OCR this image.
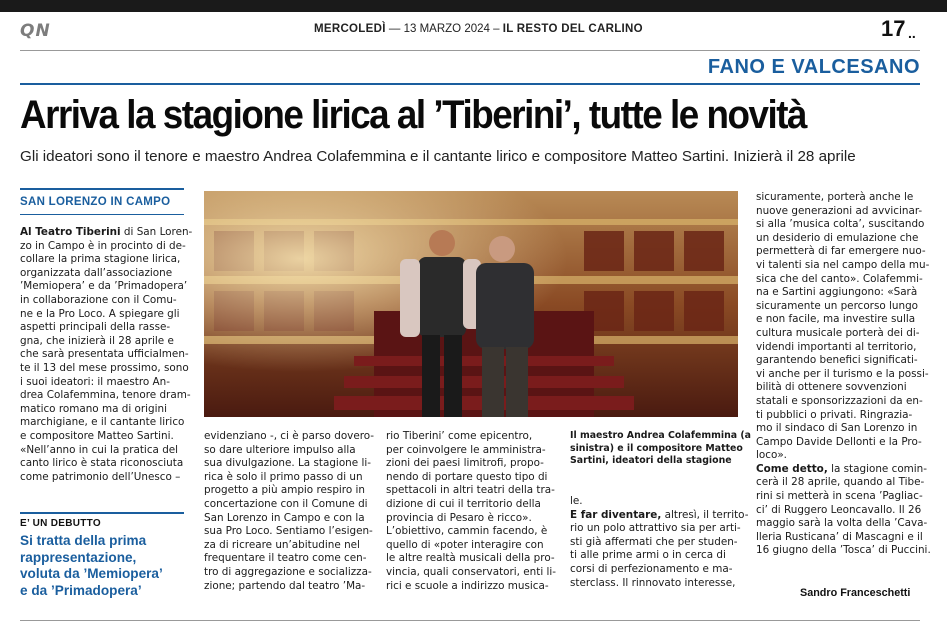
QN	MERCOLEDÌ — 13 MARZO 2024 – IL RESTO DEL CARLINO	17 ..
FANO E VALCESANO
Arriva la stagione lirica al ’Tiberini’, tutte le novità
Gli ideatori sono il tenore e maestro Andrea Colafemmina e il cantante lirico e compositore Matteo Sartini. Inizierà il 28 aprile
SAN LORENZO IN CAMPO

Al Teatro Tiberini di San Loren-

zo in Campo è in procinto di de-

collare la prima stagione lirica,

organizzata dall’associazione

’Memiopera’ e da ’Primadopera’

in collaborazione con il Comu-

ne e la Pro Loco. A spiegare gli

aspetti principali della rasse-

gna, che inizierà il 28 aprile e

che sarà presentata ufficialmen-

te il 13 del mese prossimo, sono

i suoi ideatori: il maestro An-

drea Colafemmina, tenore dram-

matico romano ma di origini

marchigiane, e il cantante lirico

e compositore Matteo Sartini.

«Nell’anno in cui la pratica del

canto lirico è stata riconosciuta

come patrimonio dell’Unesco –

E’ UN DEBUTTO

Si tratta della prima

rappresentazione,

voluta da ’Memiopera’

e da ’Primadopera’

evidenziano -, ci è parso dovero-

so dare ulteriore impulso alla

sua divulgazione. La stagione li-

rica è solo il primo passo di un

progetto a più ampio respiro in

concertazione con il Comune di

San Lorenzo in Campo e con la

sua Pro Loco. Sentiamo l’esigen-

za di ricreare un’abitudine nel

frequentare il teatro come cen-

tro di aggregazione e socializza-

zione; partendo dal teatro ’Ma-

rio Tiberini’ come epicentro,

per coinvolgere le amministra-

zioni dei paesi limitrofi, propo-

nendo di portare questo tipo di

spettacoli in altri teatri della tra-

dizione di cui il territorio della

provincia di Pesaro è ricco».

L’obiettivo, cammin facendo, è

quello di «poter interagire con

le altre realtà musicali della pro-

vincia, quali conservatori, enti li-

rici e scuole a indirizzo musica-

Il maestro Andrea Colafemmina (a

sinistra) e il compositore Matteo

Sartini, ideatori della stagione

le.

E far diventare, altresì, il territo-

rio un polo attrattivo sia per arti-

sti già affermati che per studen-

ti alle prime armi o in cerca di

corsi di perfezionamento e ma-

sterclass. Il rinnovato interesse,

sicuramente, porterà anche le

nuove generazioni ad avvicinar-

si alla ’musica colta’, suscitando

un desiderio di emulazione che

permetterà di far emergere nuo-

vi talenti sia nel campo della mu-

sica che del canto». Colafemmi-

na e Sartini aggiungono: «Sarà

sicuramente un percorso lungo

e non facile, ma investire sulla

cultura musicale porterà dei di-

videndi importanti al territorio,

garantendo benefici significati-

vi anche per il turismo e la possi-

bilità di ottenere sovvenzioni

statali e sponsorizzazioni da en-

ti pubblici o privati. Ringrazia-

mo il sindaco di San Lorenzo in

Campo Davide Dellonti e la Pro-

loco».

Come detto, la stagione comin-

cerà il 28 aprile, quando al Tibe-

rini si metterà in scena ’Pagliac-

ci’ di Ruggero Leoncavallo. Il 26

maggio sarà la volta della ’Cava-

lleria Rusticana’ di Mascagni e il

16 giugno della ’Tosca’ di Puccini.

Sandro Franceschetti
